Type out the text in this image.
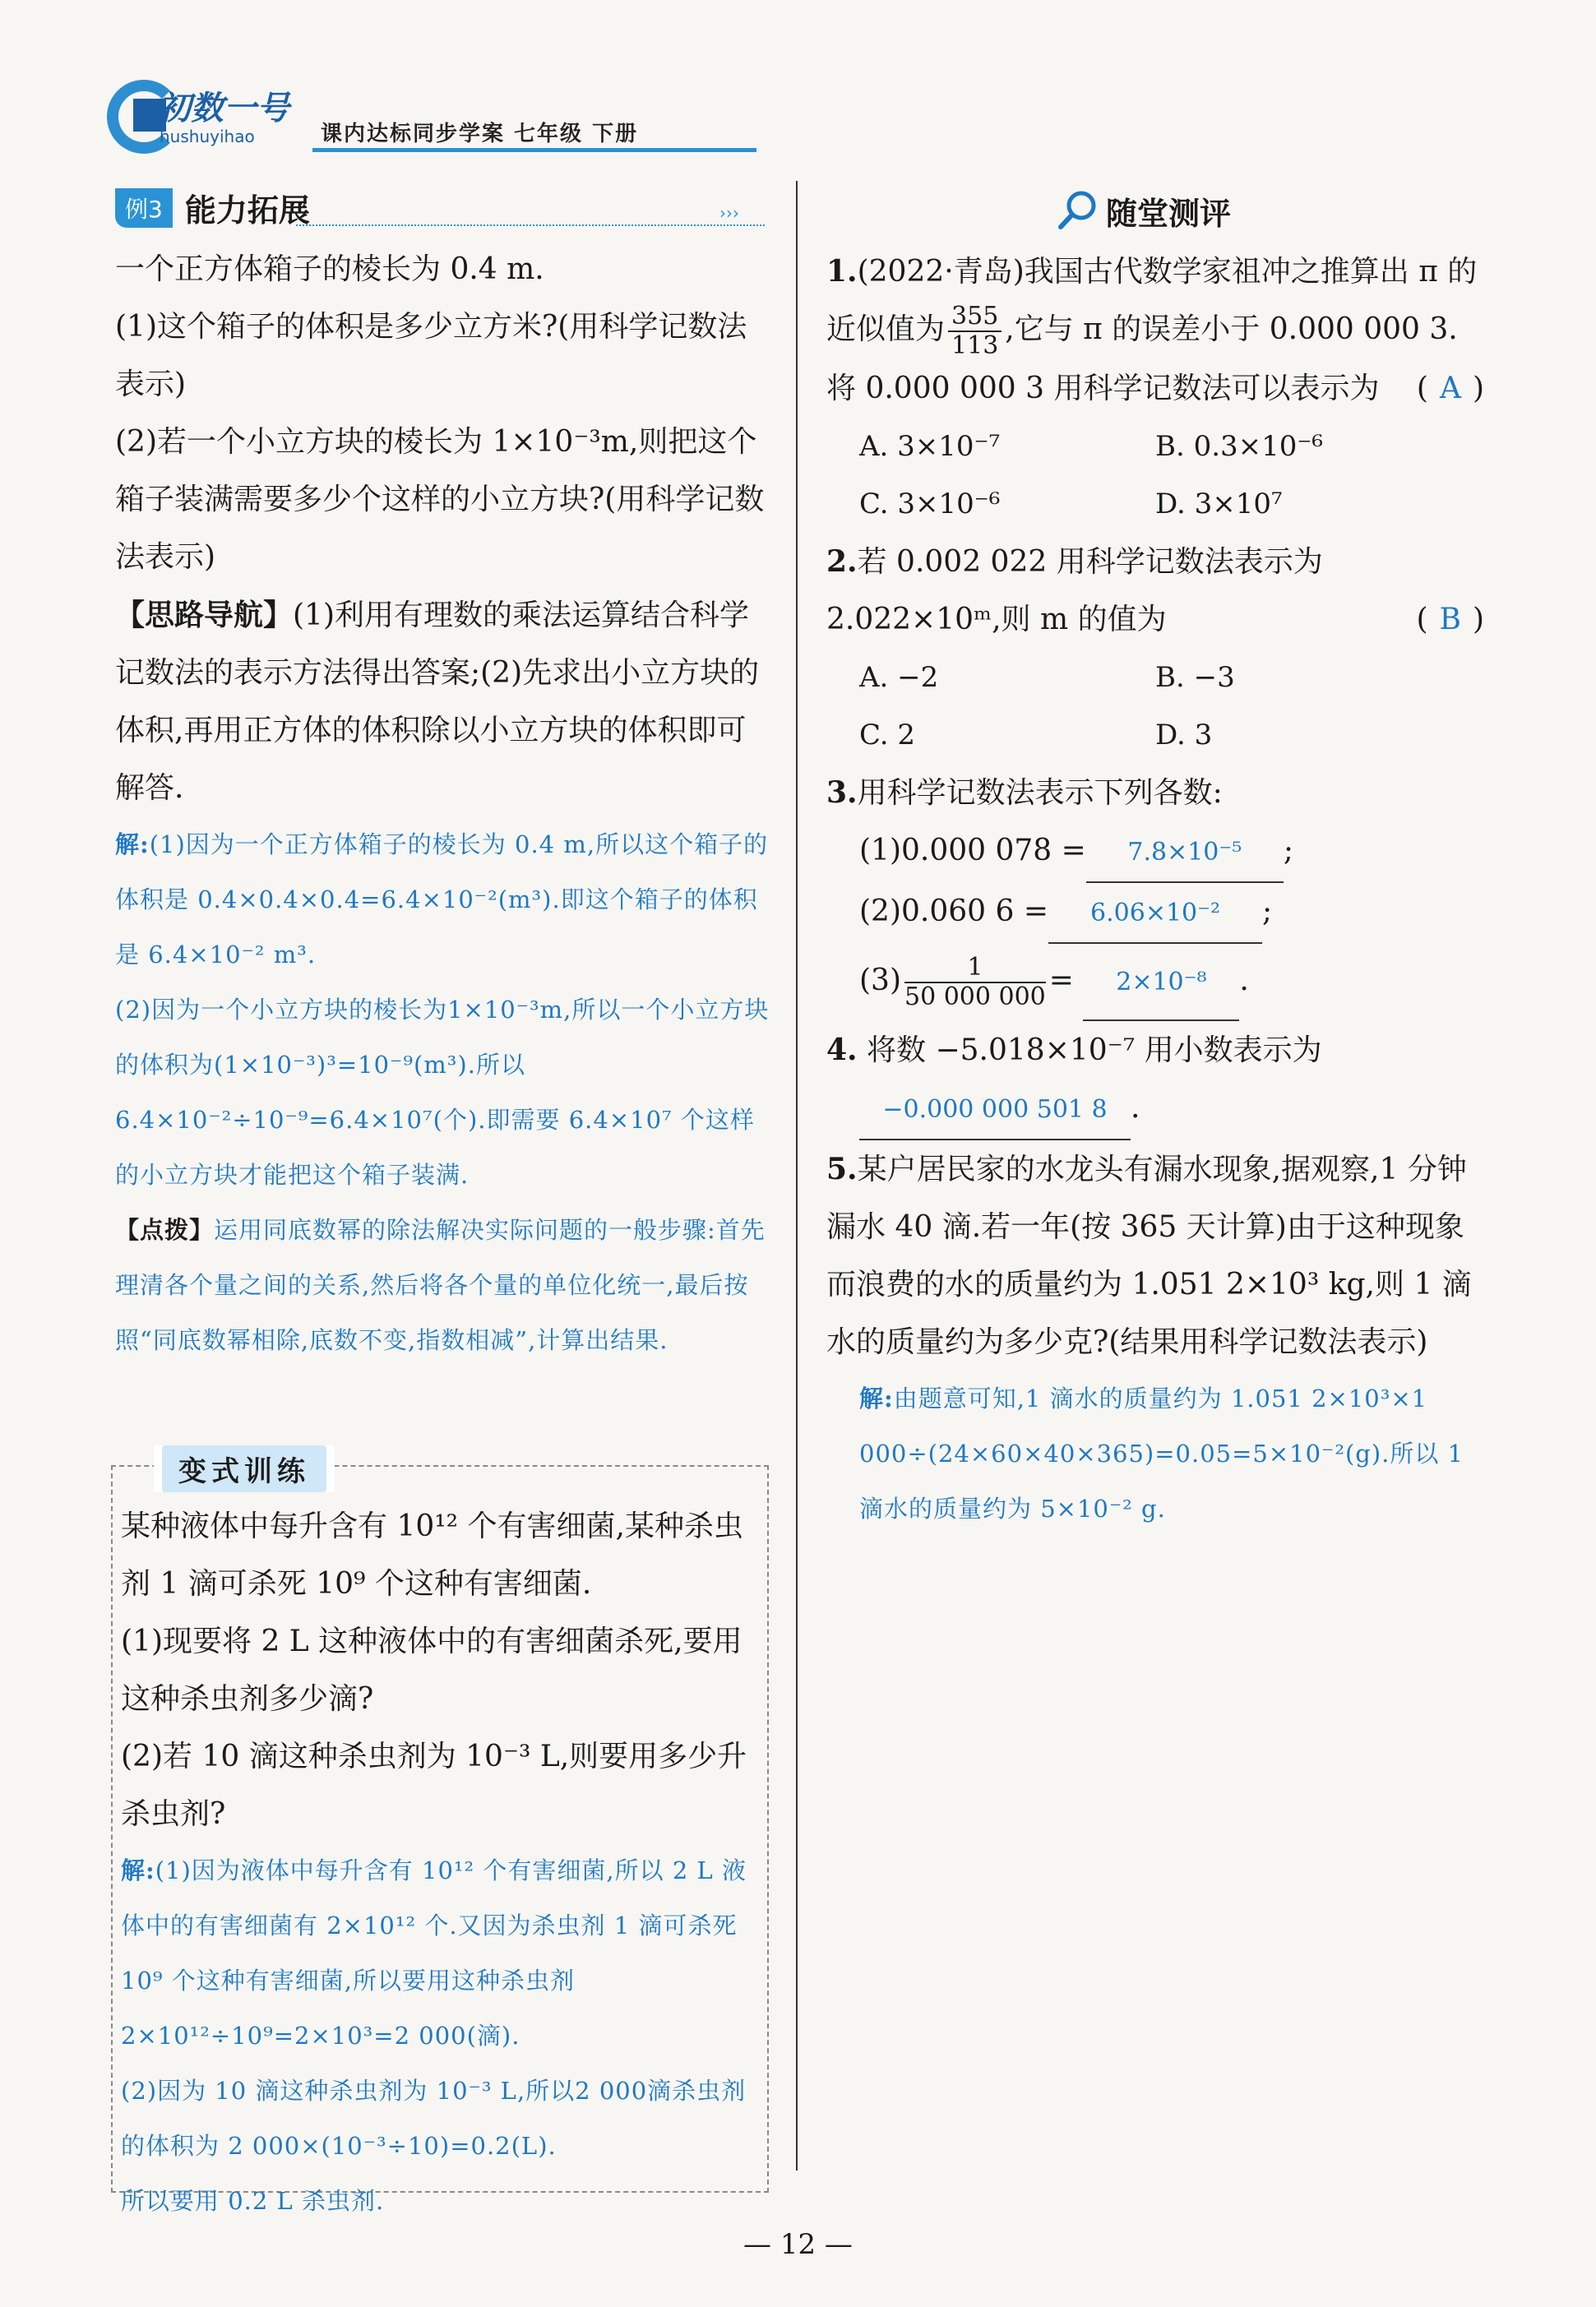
初数一号
hushuyihao	课内达标同步学案 七年级 下册
例3 能力拓展	›››

一个正方体箱子的棱长为 0.4 m.

(1)这个箱子的体积是多少立方米?(用科学记数法表示)

(2)若一个小立方块的棱长为 1×10⁻³m,则把这个箱子装满需要多少个这样的小立方块?(用科学记数法表示)

【思路导航】(1)利用有理数的乘法运算结合科学记数法的表示方法得出答案;(2)先求出小立方块的体积,再用正方体的体积除以小立方块的体积即可解答.

解:(1)因为一个正方体箱子的棱长为 0.4 m,所以这个箱子的体积是 0.4×0.4×0.4=6.4×10⁻²(m³).即这个箱子的体积是 6.4×10⁻² m³.

(2)因为一个小立方块的棱长为1×10⁻³m,所以一个小立方块的体积为(1×10⁻³)³=10⁻⁹(m³).所以 6.4×10⁻²÷10⁻⁹=6.4×10⁷(个).即需要 6.4×10⁷ 个这样的小立方块才能把这个箱子装满.

【点拨】运用同底数幂的除法解决实际问题的一般步骤:首先理清各个量之间的关系,然后将各个量的单位化统一,最后按照“同底数幂相除,底数不变,指数相减”,计算出结果.

变式训练

某种液体中每升含有 10¹² 个有害细菌,某种杀虫剂 1 滴可杀死 10⁹ 个这种有害细菌.

(1)现要将 2 L 这种液体中的有害细菌杀死,要用这种杀虫剂多少滴?

(2)若 10 滴这种杀虫剂为 10⁻³ L,则要用多少升杀虫剂?

解:(1)因为液体中每升含有 10¹² 个有害细菌,所以 2 L 液体中的有害细菌有 2×10¹² 个.又因为杀虫剂 1 滴可杀死 10⁹ 个这种有害细菌,所以要用这种杀虫剂 2×10¹²÷10⁹=2×10³=2 000(滴).

(2)因为 10 滴这种杀虫剂为 10⁻³ L,所以2 000滴杀虫剂的体积为 2 000×(10⁻³÷10)=0.2(L).

所以要用 0.2 L 杀虫剂.

随堂测评

1.(2022·青岛)我国古代数学家祖冲之推算出 π 的近似值为 $\frac{355}{113}$ ,它与 π 的误差小于 0.000 000 3.将 0.000 000 3 用科学记数法可以表示为 ( A )

A. 3×10⁻⁷	B. 0.3×10⁻⁶
C. 3×10⁻⁶	D. 3×10⁷

2.若 0.002 022 用科学记数法表示为 2.022×10ᵐ,则 m 的值为	( B )

A. −2	B. −3
C. 2	D. 3

3.用科学记数法表示下列各数:

(1)0.000 078 = 7.8×10⁻⁵ ;

(2)0.060 6 = 6.06×10⁻² ;

$(3) \frac{1}{50 000 000} = 2\times 10^{-8}$ .

4. 将数 −5.018×10⁻⁷ 用小数表示为

−0.000 000 501 8 .

5.某户居民家的水龙头有漏水现象,据观察,1 分钟漏水 40 滴.若一年(按 365 天计算)由于这种现象而浪费的水的质量约为 1.051 2×10³ kg,则 1 滴水的质量约为多少克?(结果用科学记数法表示)

解:由题意可知,1 滴水的质量约为 1.051 2×10³×1 000÷(24×60×40×365)=0.05=5×10⁻²(g).所以 1 滴水的质量约为 5×10⁻² g.

— 12 —
